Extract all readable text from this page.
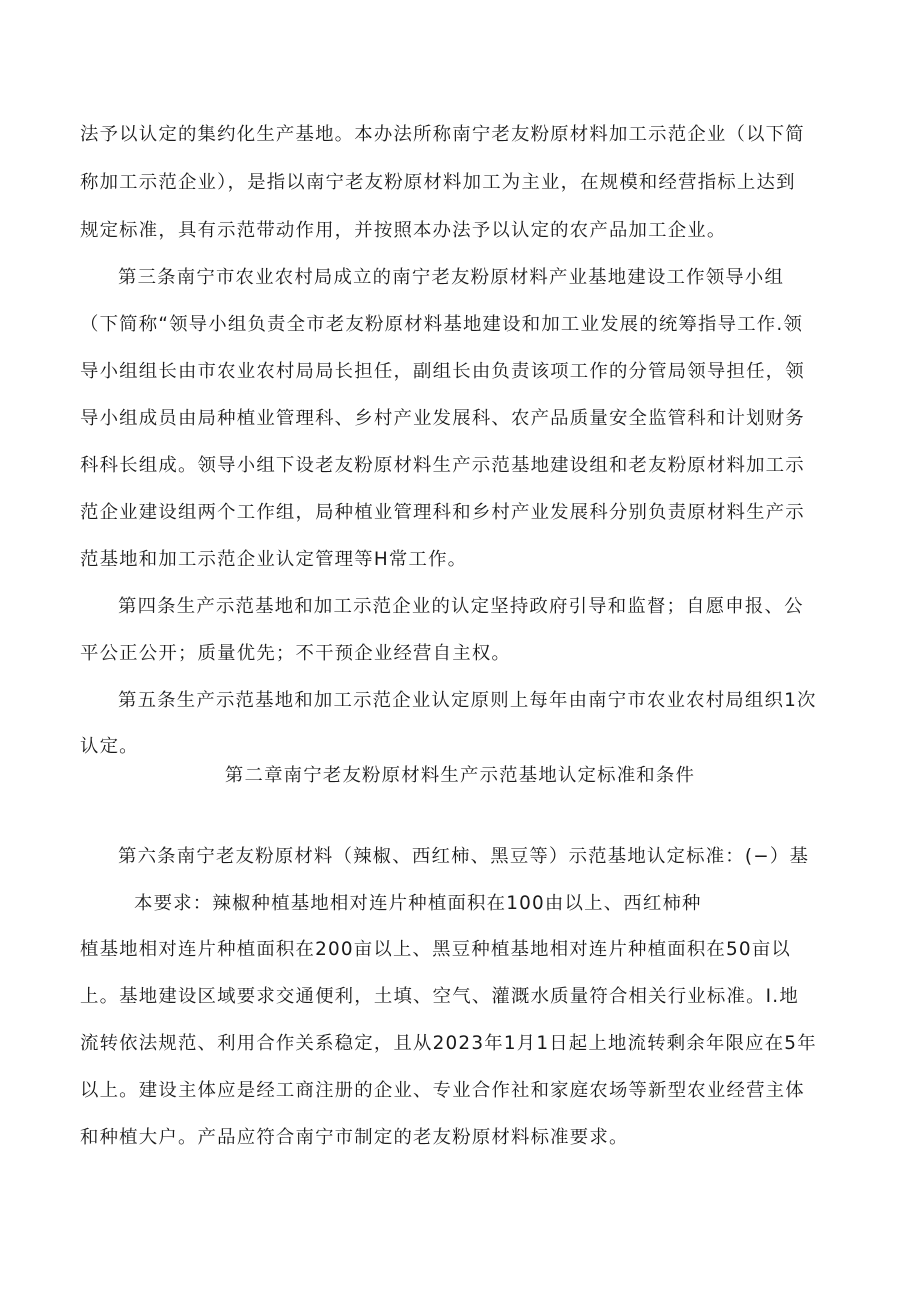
法予以认定的集约化生产基地。本办法所称南宁老友粉原材料加工示范企业（以下简
称加工示范企业），是指以南宁老友粉原材料加工为主业，在规模和经营指标上达到
规定标准，具有示范带动作用，并按照本办法予以认定的农产品加工企业。
第三条南宁市农业农村局成立的南宁老友粉原材料产业基地建设工作领导小组
（下简称“领导小组负责全市老友粉原材料基地建设和加工业发展的统筹指导工作.领
导小组组长由市农业农村局局长担任，副组长由负责该项工作的分管局领导担任，领
导小组成员由局种植业管理科、乡村产业发展科、农产品质量安全监管科和计划财务
科科长组成。领导小组下设老友粉原材料生产示范基地建设组和老友粉原材料加工示
范企业建设组两个工作组，局种植业管理科和乡村产业发展科分别负责原材料生产示
范基地和加工示范企业认定管理等H常工作。
第四条生产示范基地和加工示范企业的认定坚持政府引导和监督；自愿申报、公
平公正公开；质量优先；不干预企业经营自主权。
第五条生产示范基地和加工示范企业认定原则上每年由南宁市农业农村局组织1次
认定。
第二章南宁老友粉原材料生产示范基地认定标准和条件
第六条南宁老友粉原材料（辣椒、西红柿、黑豆等）示范基地认定标准：(−）基
本要求：辣椒种植基地相对连片种植面积在100由以上、西红柿种
植基地相对连片种植面积在200亩以上、黑豆种植基地相对连片种植面积在50亩以
上。基地建设区域要求交通便利，土填、空气、灌溉水质量符合相关行业标准。I.地
流转依法规范、利用合作关系稳定，且从2023年1月1日起上地流转剩余年限应在5年
以上。建设主体应是经工商注册的企业、专业合作社和家庭农场等新型农业经营主体
和种植大户。产品应符合南宁市制定的老友粉原材料标准要求。
